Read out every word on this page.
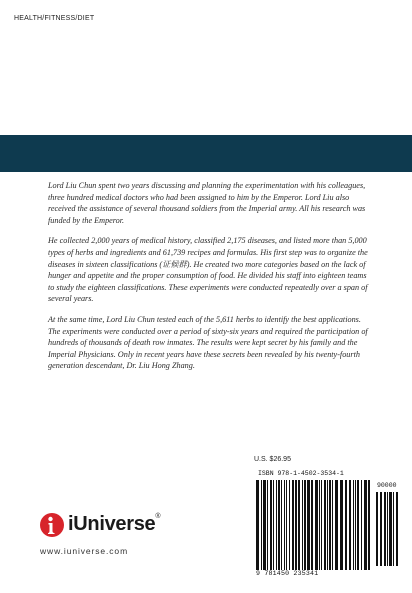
HEALTH/FITNESS/DIET

Lord Liu Chun spent two years discussing and planning the experimentation with his colleagues, three hundred medical doctors who had been assigned to him by the Emperor. Lord Liu also received the assistance of several thousand soldiers from the Imperial army. All his research was funded by the Emperor.

He collected 2,000 years of medical history, classified 2,175 diseases, and listed more than 5,000 types of herbs and ingredients and 61,739 recipes and formulas. His first step was to organize the diseases in sixteen classifications (证候群). He created two more categories based on the lack of hunger and appetite and the proper consumption of food. He divided his staff into eighteen teams to study the eighteen classifications. These experiments were conducted repeatedly over a span of several years.

At the same time, Lord Liu Chun tested each of the 5,611 herbs to identify the best applications. The experiments were conducted over a period of sixty-six years and required the participation of hundreds of thousands of death row inmates. The results were kept secret by his family and the Imperial Physicians. Only in recent years have these secrets been revealed by his twenty-fourth generation descendant, Dr. Liu Hong Zhang.

U.S. $26.95
ISBN 978-1-4502-3534-1
90000
9 781450 235341
iUniverse®
www.iuniverse.com
